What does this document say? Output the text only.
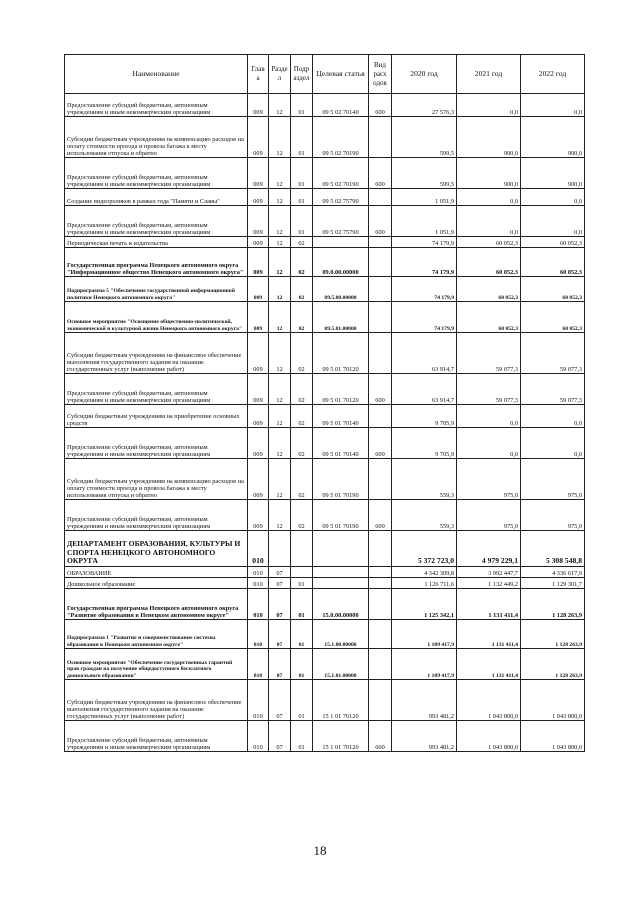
Наименование	Глав а	Разде л	Подр аздел	Целевая статья	Вид расх одов	2020 год	2021 год	2022 год
Предоставление субсидий бюджетным, автономным учреждениям и иным некоммерческим организациям	009	12	01	09 5 02 70140	600	27 576,3	0,0	0,0
Субсидии бюджетным учреждениям на компенсацию расходов на оплату стоимости проезда и провоза багажа к месту использования отпуска и обратно	009	12	01	09 5 02 70190		599,5	900,0	900,0
Предоставление субсидий бюджетным, автономным учреждениям и иным некоммерческим организациям	009	12	01	09 5 02 70190	600	599,5	900,0	900,0
Создание видеороликов в рамках года "Памяти и Славы"	009	12	01	09 5 02 75790		1 051,9	0,0	0,0
Предоставление субсидий бюджетным, автономным учреждениям и иным некоммерческим организациям	009	12	01	09 5 02 75790	600	1 051,9	0,0	0,0
Периодическая печать и издательства	009	12	02			74 179,9	60 052,3	60 052,3
Государственная программа Ненецкого автономного округа "Информационное общество Ненецкого автономного округа"	009	12	02	09.0.00.00000		74 179,9	60 052,3	60 052,3
Подпрограмма 5 "Обеспечение государственной информационной политики Ненецкого автономного округа"	009	12	02	09.5.00.00000		74 179,9	60 052,3	60 052,3
Основное мероприятие "Освещение общественно-политической, экономической и культурной жизни Ненецкого автономного округа"	009	12	02	09.5.01.00000		74 179,9	60 052,3	60 052,3
Субсидии бюджетным учреждениям на финансовое обеспечение выполнения государственного задания на оказание государственных услуг (выполнение работ)	009	12	02	09 5 01 70120		63 914,7	59 077,3	59 077,3
Предоставление субсидий бюджетным, автономным учреждениям и иным некоммерческим организациям	009	12	02	09 5 01 70120	600	63 914,7	59 077,3	59 077,3
Субсидии бюджетным учреждениям на приобретение основных средств	009	12	02	09 5 01 70140		9 705,9	0,0	0,0
Предоставление субсидий бюджетным, автономным учреждениям и иным некоммерческим организациям	009	12	02	09 5 01 70140	600	9 705,9	0,0	0,0
Субсидии бюджетным учреждениям на компенсацию расходов на оплату стоимости проезда и провоза багажа к месту использования отпуска и обратно	009	12	02	09 5 01 70190		559,3	975,0	975,0
Предоставление субсидий бюджетным, автономным учреждениям и иным некоммерческим организациям	009	12	02	09 5 01 70190	600	559,3	975,0	975,0
ДЕПАРТАМЕНТ ОБРАЗОВАНИЯ, КУЛЬТУРЫ И СПОРТА НЕНЕЦКОГО АВТОНОМНОГО ОКРУГА	010					5 372 723,0	4 979 229,1	5 308 548,8
ОБРАЗОВАНИЕ	010	07				4 342 309,8	3 992 447,7	4 336 617,9
Дошкольное образование	010	07	01			1 126 711,6	1 132 449,2	1 129 301,7
Государственная программа Ненецкого автономного округа "Развитие образования в Ненецком автономном округе"	010	07	01	15.0.00.00000		1 125 342,1	1 131 411,4	1 128 263,9
Подпрограмма 1 "Развитие и совершенствование системы образования в Ненецком автономном округе"	010	07	01	15.1.00.00000		1 109 417,9	1 131 411,4	1 128 263,9
Основное мероприятие "Обеспечение государственных гарантий прав граждан на получение общедоступного бесплатного дошкольного образования"	010	07	01	15.1.01.00000		1 109 417,9	1 131 411,4	1 128 263,9
Субсидии бюджетным учреждениям на финансовое обеспечение выполнения государственного задания на оказание государственных услуг (выполнение работ)	010	07	01	15 1 01 70120		993 481,2	1 043 800,0	1 043 800,0
Предоставление субсидий бюджетным, автономным учреждениям и иным некоммерческим организациям	010	07	01	15 1 01 70120	600	993 481,2	1 043 800,0	1 043 800,0
18
